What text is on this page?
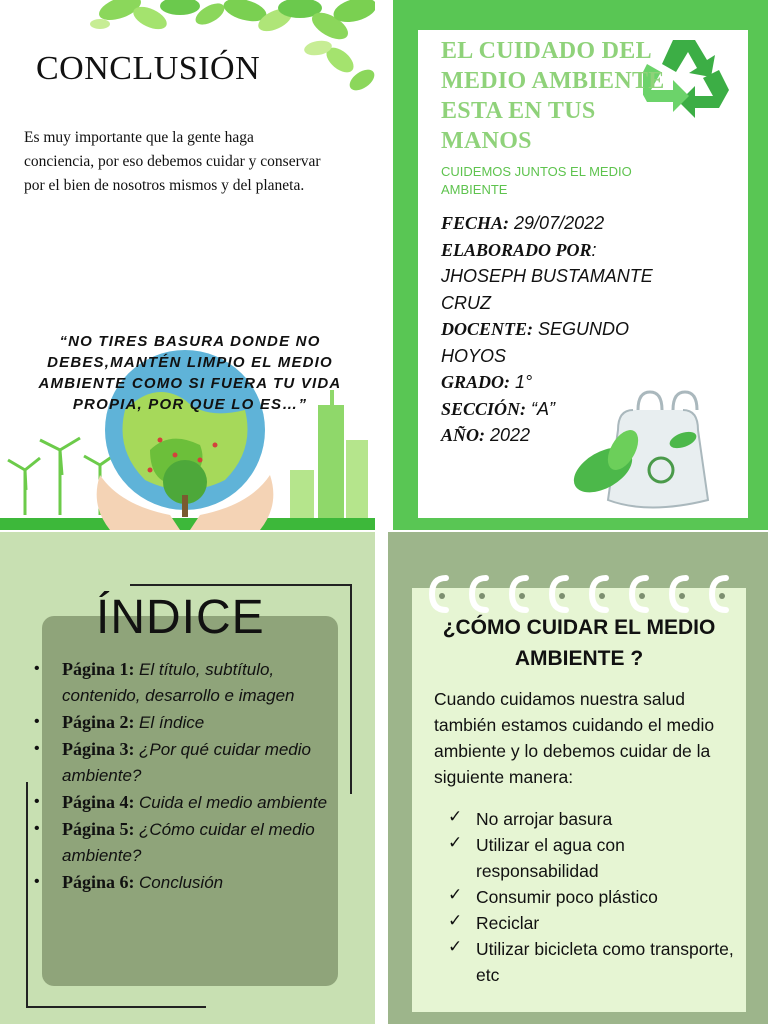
CONCLUSIÓN
Es muy importante que la gente haga conciencia, por eso debemos cuidar y conservar por el bien de nosotros mismos y del planeta.
“NO TIRES BASURA DONDE NO DEBES,MANTÉN LIMPIO EL MEDIO AMBIENTE COMO SI FUERA TU VIDA PROPIA, POR QUE LO ES…”
EL CUIDADO DEL MEDIO AMBIENTE ESTA EN TUS MANOS
CUIDEMOS JUNTOS EL MEDIO AMBIENTE
FECHA: 29/07/2022
ELABORADO POR:
JHOSEPH BUSTAMANTE CRUZ
DOCENTE: SEGUNDO HOYOS
GRADO: 1°
SECCIÓN: “A”
AÑO: 2022
ÍNDICE
• Página 1: El título, subtítulo, contenido, desarrollo e imagen
• Página 2: El índice
• Página 3: ¿Por qué cuidar medio ambiente?
• Página 4: Cuida el medio ambiente
• Página 5: ¿Cómo cuidar el medio ambiente?
• Página 6: Conclusión
¿CÓMO CUIDAR EL MEDIO AMBIENTE ?
Cuando cuidamos nuestra salud también estamos cuidando el medio ambiente y lo debemos cuidar de la siguiente manera:
✓ No arrojar basura
✓ Utilizar el agua con responsabilidad
✓ Consumir poco plástico
✓ Reciclar
✓ Utilizar bicicleta como transporte, etc
